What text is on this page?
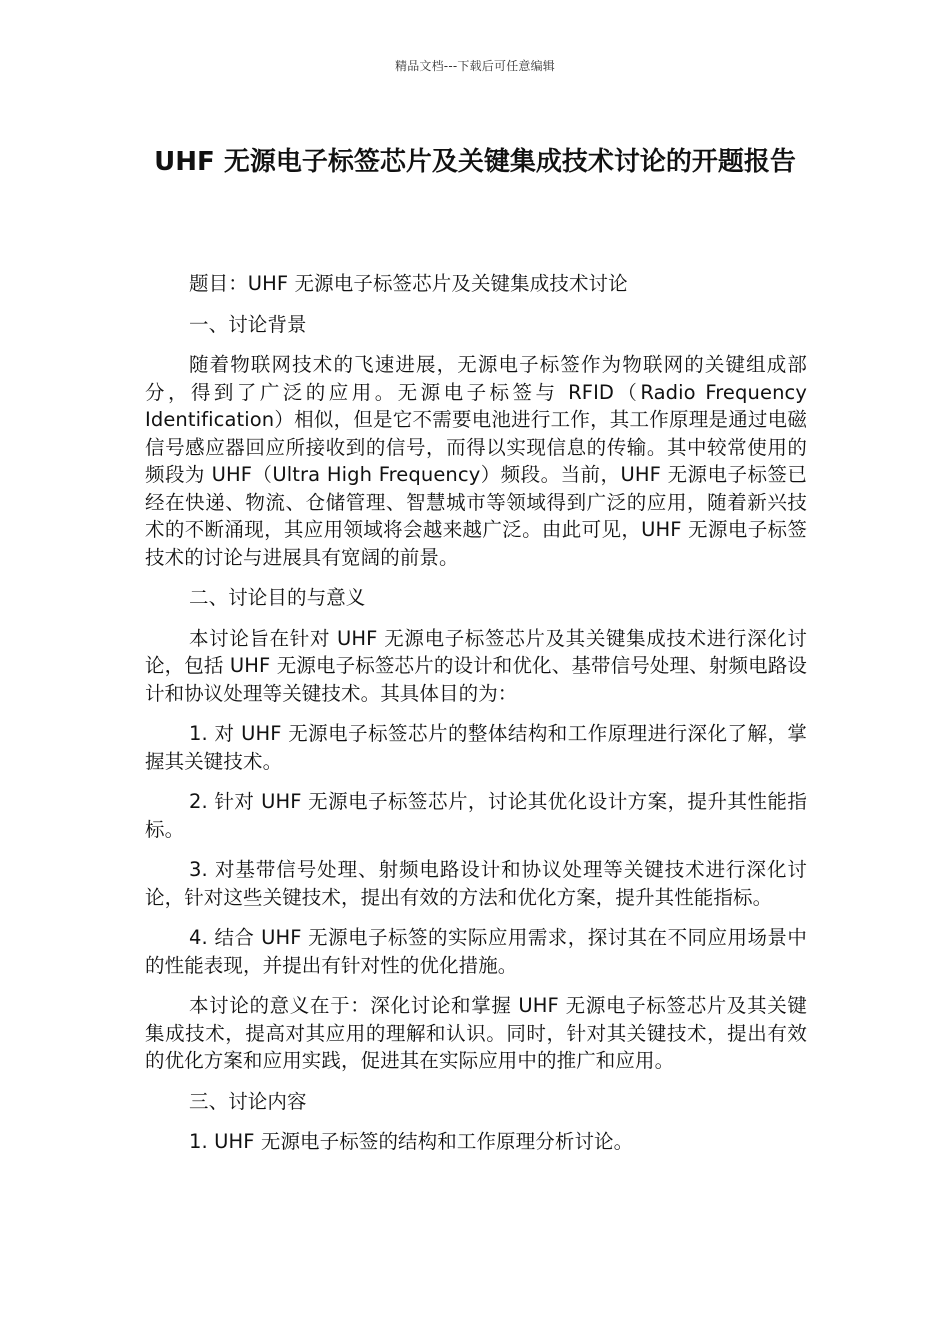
精品文档---下载后可任意编辑
UHF 无源电子标签芯片及关键集成技术讨论的开题报告

题目：UHF 无源电子标签芯片及关键集成技术讨论

一、讨论背景

随着物联网技术的飞速进展，无源电子标签作为物联网的关键组成部分，得到了广泛的应用。无源电子标签与 RFID（Radio Frequency Identification）相似，但是它不需要电池进行工作，其工作原理是通过电磁信号感应器回应所接收到的信号，而得以实现信息的传输。其中较常使用的频段为 UHF（Ultra High Frequency）频段。当前，UHF 无源电子标签已经在快递、物流、仓储管理、智慧城市等领域得到广泛的应用，随着新兴技术的不断涌现，其应用领域将会越来越广泛。由此可见，UHF 无源电子标签技术的讨论与进展具有宽阔的前景。

二、讨论目的与意义

本讨论旨在针对 UHF 无源电子标签芯片及其关键集成技术进行深化讨论，包括 UHF 无源电子标签芯片的设计和优化、基带信号处理、射频电路设计和协议处理等关键技术。其具体目的为：

1. 对 UHF 无源电子标签芯片的整体结构和工作原理进行深化了解，掌握其关键技术。

2. 针对 UHF 无源电子标签芯片，讨论其优化设计方案，提升其性能指标。

3. 对基带信号处理、射频电路设计和协议处理等关键技术进行深化讨论，针对这些关键技术，提出有效的方法和优化方案，提升其性能指标。

4. 结合 UHF 无源电子标签的实际应用需求，探讨其在不同应用场景中的性能表现，并提出有针对性的优化措施。

本讨论的意义在于：深化讨论和掌握 UHF 无源电子标签芯片及其关键集成技术，提高对其应用的理解和认识。同时，针对其关键技术，提出有效的优化方案和应用实践，促进其在实际应用中的推广和应用。

三、讨论内容

1. UHF 无源电子标签的结构和工作原理分析讨论。
